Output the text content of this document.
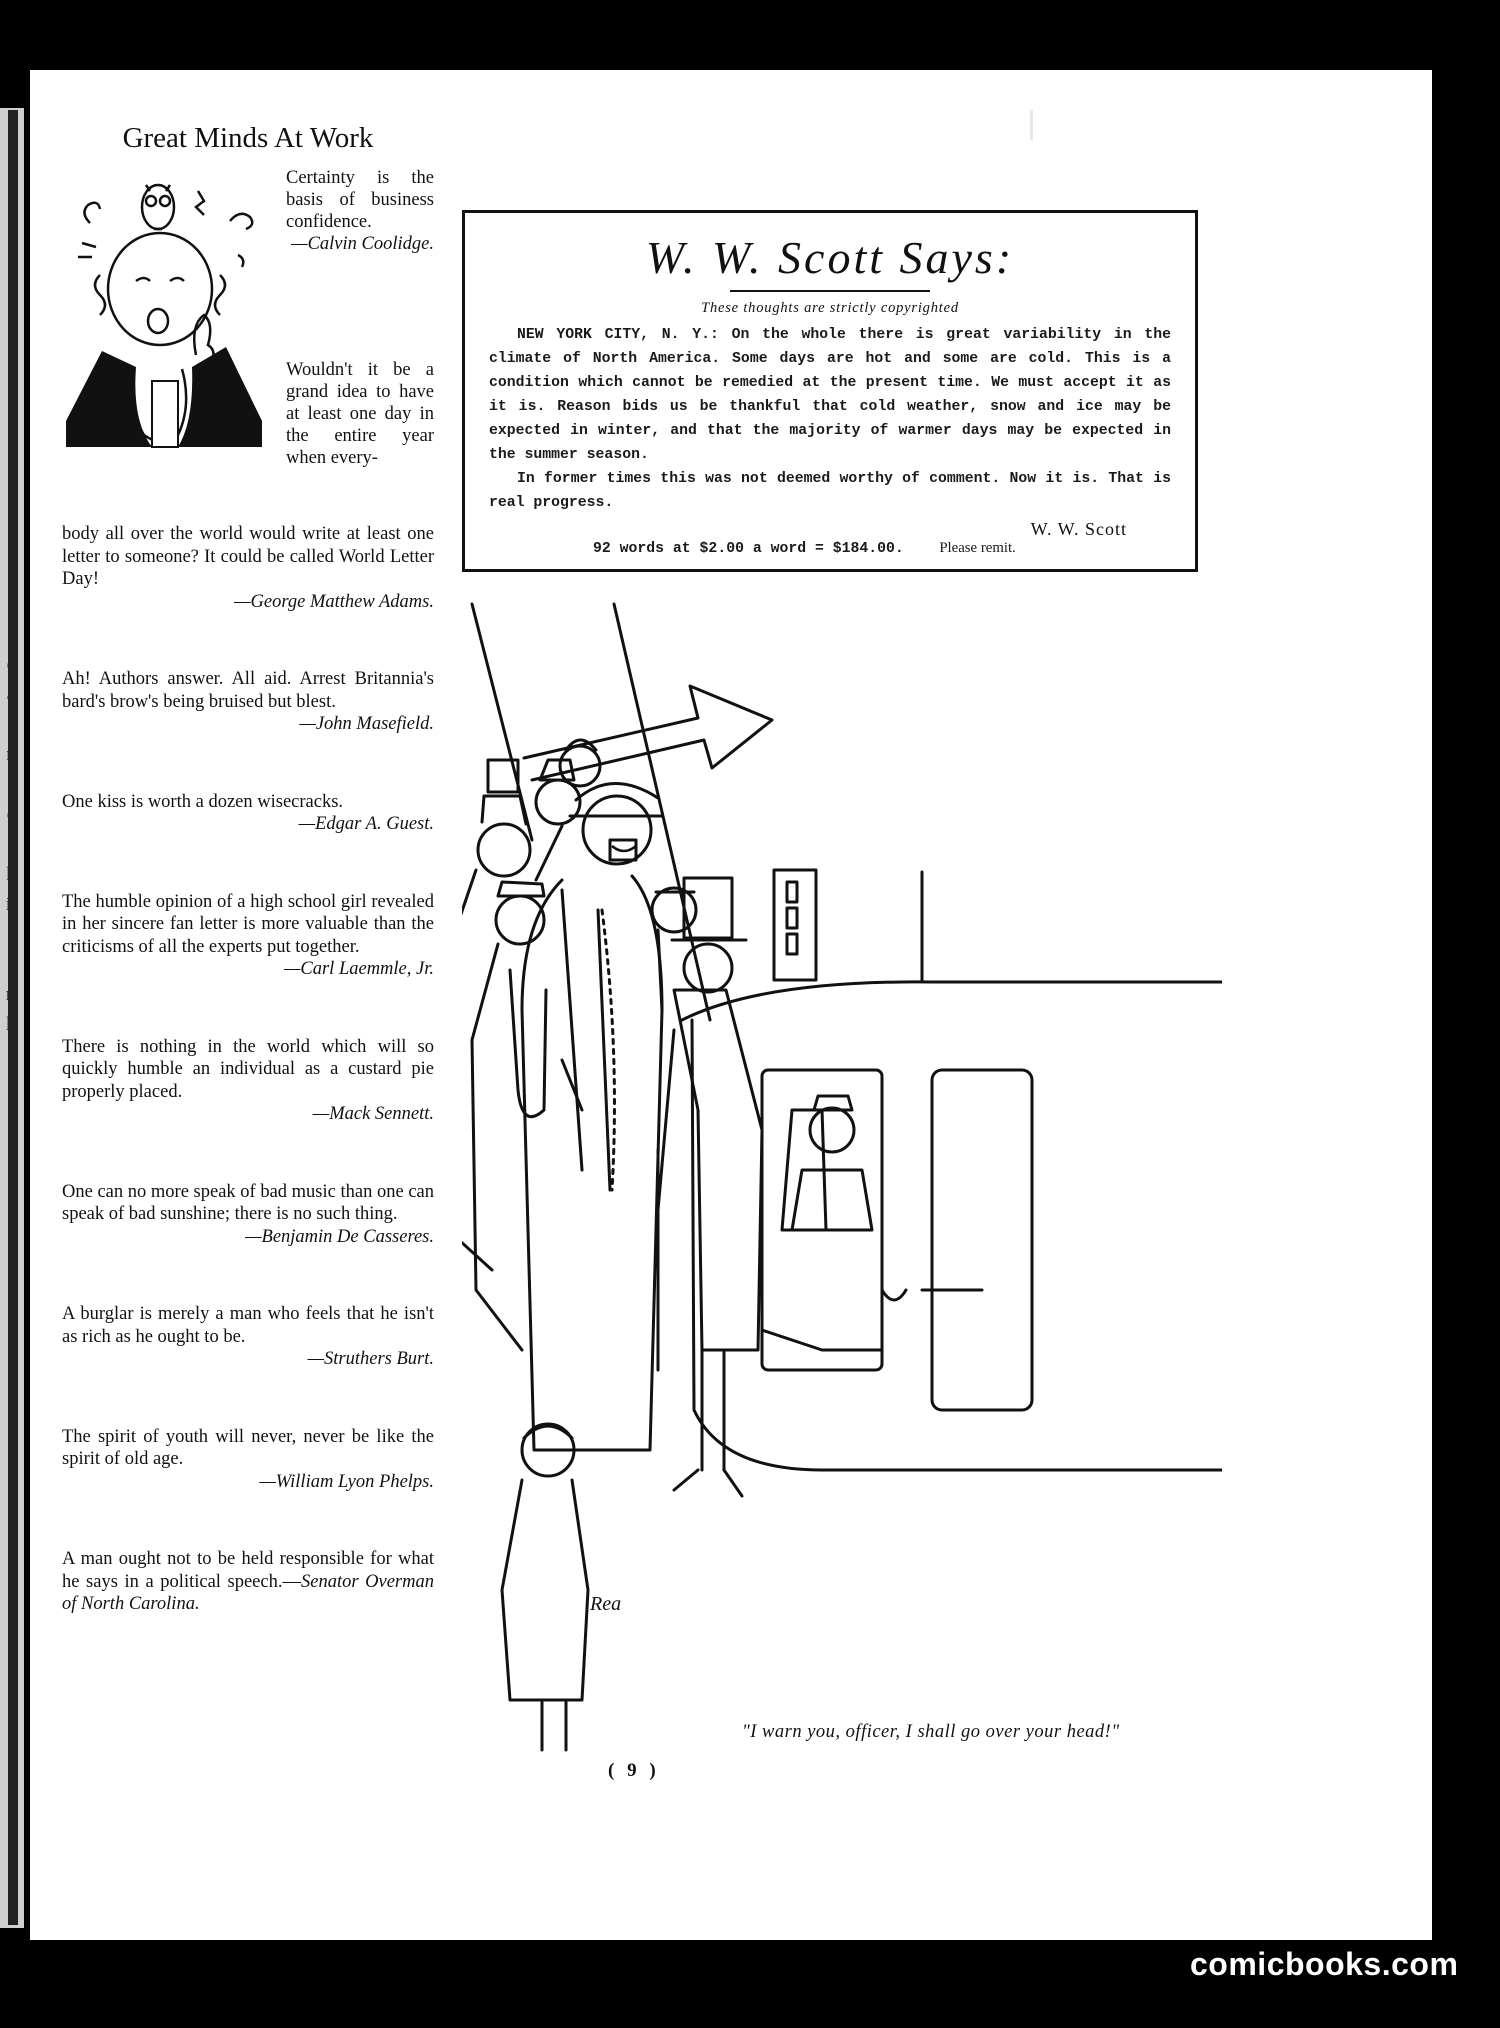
Great Minds At Work
Certainty is the basis of business confidence.
—Calvin Coolidge.
Wouldn't it be a grand idea to have at least one day in the entire year when every-
body all over the world would write at least one letter to someone? It could be called World Letter Day!
—George Matthew Adams.
Ah! Authors answer. All aid. Arrest Britannia's bard's brow's being bruised but blest.
—John Masefield.
One kiss is worth a dozen wisecracks.
—Edgar A. Guest.
The humble opinion of a high school girl revealed in her sincere fan letter is more valuable than the criticisms of all the experts put together.
—Carl Laemmle, Jr.
There is nothing in the world which will so quickly humble an individual as a custard pie properly placed.
—Mack Sennett.
One can no more speak of bad music than one can speak of bad sunshine; there is no such thing.
—Benjamin De Casseres.
A burglar is merely a man who feels that he isn't as rich as he ought to be.
—Struthers Burt.
The spirit of youth will never, never be like the spirit of old age.
—William Lyon Phelps.
A man ought not to be held responsible for what he says in a political speech.—Senator Overman of North Carolina.
W. W. Scott Says:
These thoughts are strictly copyrighted

NEW YORK CITY, N. Y.: On the whole there is great variability in the climate of North America. Some days are hot and some are cold. This is a condition which cannot be remedied at the present time. We must accept it as it is. Reason bids us be thankful that cold weather, snow and ice may be expected in winter, and that the majority of warmer days may be expected in the summer season.

In former times this was not deemed worthy of comment. Now it is. That is real progress.

W. W. Scott
92 words at $2.00 a word = $184.00. Please remit.
Rea
"I warn you, officer, I shall go over your head!"
( 9 )
s
e
a
l
n
,
e
-
h
it
f
"
r,
ll
comicbooks.com
